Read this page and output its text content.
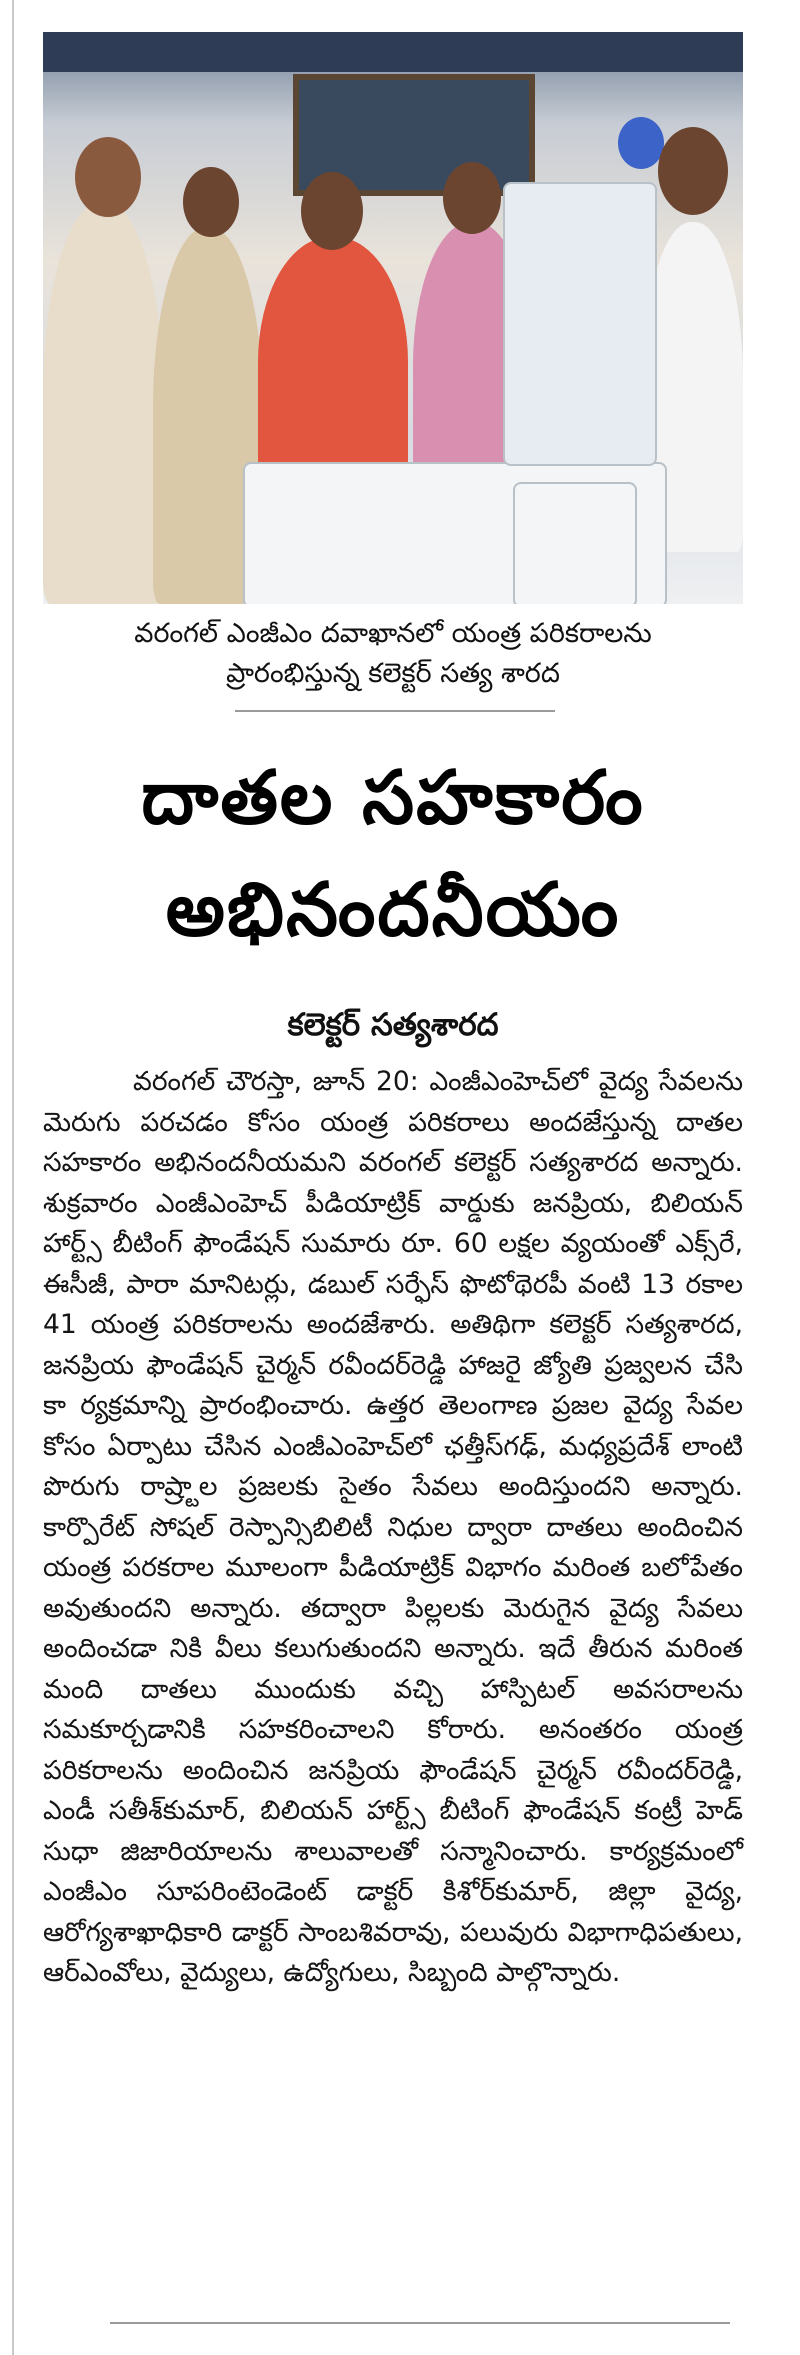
వరంగల్ ఎంజీఎం దవాఖానలో యంత్ర పరికరాలను
ప్రారంభిస్తున్న కలెక్టర్ సత్య శారద
దాతల సహకారం
అభినందనీయం
కలెక్టర్ సత్యశారద
వరంగల్ చౌరస్తా, జూన్ 20: ఎంజీఎంహెచ్‌లో వైద్య సేవలను మెరుగు పరచడం కోసం యంత్ర పరికరాలు అందజేస్తున్న దాతల సహకారం అభినందనీయమని వరంగల్ కలెక్టర్ సత్యశారద అన్నారు. శుక్రవారం ఎంజీఎంహెచ్ పీడియాట్రిక్ వార్డుకు జనప్రియ, బిలియన్ హార్ట్స్ బీటింగ్ ఫౌండేషన్ సుమారు రూ. 60 లక్షల వ్యయంతో ఎక్స్‌రే, ఈసీజీ, పారా మానిటర్లు, డబుల్ సర్ఫేస్ ఫొటోథెరపీ వంటి 13 రకాల 41 యంత్ర పరికరాలను అందజేశారు. అతిథిగా కలెక్టర్ సత్యశారద, జనప్రియ ఫౌండేషన్ చైర్మన్ రవీందర్‌రెడ్డి హాజరై జ్యోతి ప్రజ్వలన చేసి కా ర్యక్రమాన్ని ప్రారంభించారు. ఉత్తర తెలంగాణ ప్రజల వైద్య సేవల కోసం ఏర్పాటు చేసిన ఎంజీఎంహెచ్‌లో ఛత్తీస్‌గఢ్, మధ్యప్రదేశ్ లాంటి పొరుగు రాష్ర్టాల ప్రజలకు సైతం సేవలు అందిస్తుందని అన్నారు. కార్పొరేట్ సోషల్ రెస్పాన్సిబిలిటీ నిధుల ద్వారా దాతలు అందించిన యంత్ర పరకరాల మూలంగా పీడియాట్రిక్ విభాగం మరింత బలోపేతం అవుతుందని అన్నారు. తద్వారా పిల్లలకు మెరుగైన వైద్య సేవలు అందించడా నికి వీలు కలుగుతుందని అన్నారు. ఇదే తీరున మరింత మంది దాతలు ముందుకు వచ్చి హాస్పిటల్ అవసరాలను సమకూర్చడానికి సహకరించాలని కోరారు. అనంతరం యంత్ర పరికరాలను అందించిన జనప్రియ ఫౌండేషన్ చైర్మన్ రవీందర్‌రెడ్డి, ఎండీ సతీశ్‌కుమార్, బిలియన్ హార్ట్స్ బీటింగ్ ఫౌండేషన్ కంట్రీ హెడ్ సుధా జిజారియాలను శాలువాలతో సన్మానించారు. కార్యక్రమంలో ఎంజీఎం సూపరింటెండెంట్ డాక్టర్ కిశోర్‌కుమార్, జిల్లా వైద్య, ఆరోగ్యశాఖాధికారి డాక్టర్ సాంబశివరావు, పలువురు విభాగాధిపతులు, ఆర్‌ఎంవోలు, వైద్యులు, ఉద్యోగులు, సిబ్బంది పాల్గొన్నారు.
